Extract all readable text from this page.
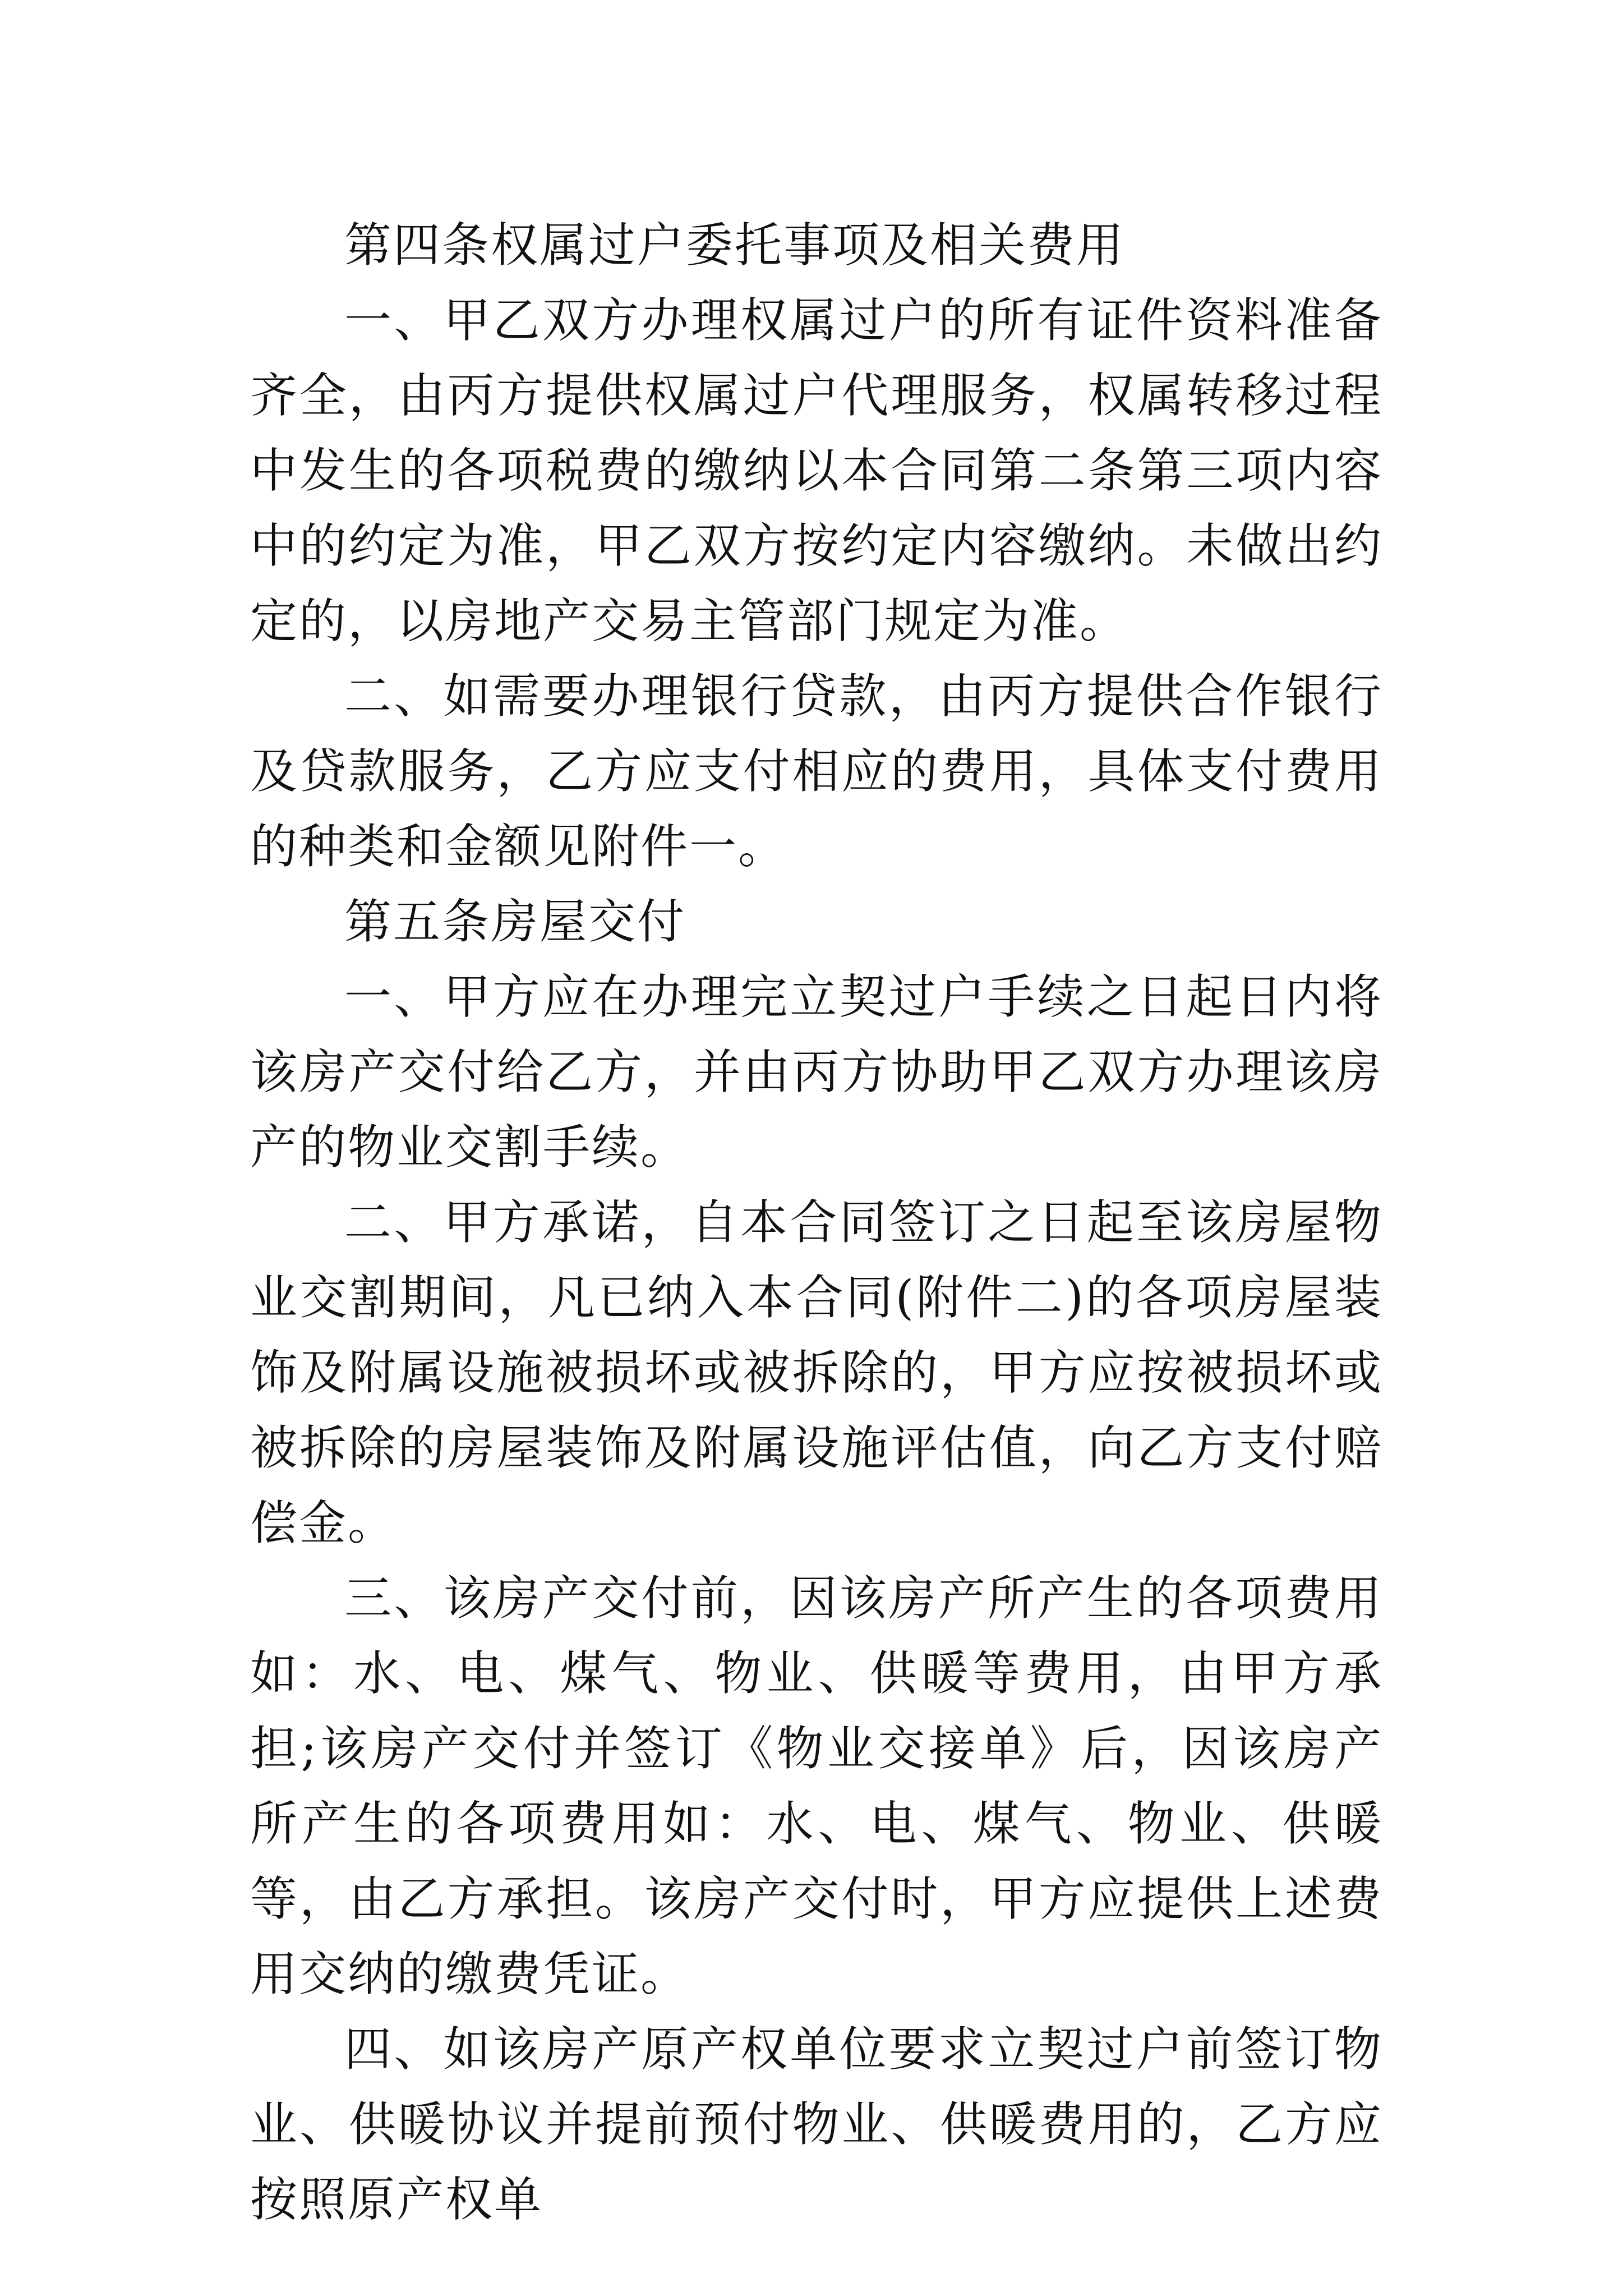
第四条权属过户委托事项及相关费用

一、甲乙双方办理权属过户的所有证件资料准备齐全，由丙方提供权属过户代理服务，权属转移过程中发生的各项税费的缴纳以本合同第二条第三项内容中的约定为准，甲乙双方按约定内容缴纳。未做出约定的，以房地产交易主管部门规定为准。

二、如需要办理银行贷款，由丙方提供合作银行及贷款服务，乙方应支付相应的费用，具体支付费用的种类和金额见附件一。

第五条房屋交付

一、甲方应在办理完立契过户手续之日起日内将该房产交付给乙方，并由丙方协助甲乙双方办理该房产的物业交割手续。

二、甲方承诺，自本合同签订之日起至该房屋物业交割期间，凡已纳入本合同(附件二)的各项房屋装饰及附属设施被损坏或被拆除的，甲方应按被损坏或被拆除的房屋装饰及附属设施评估值，向乙方支付赔偿金。

三、该房产交付前，因该房产所产生的各项费用如：水、电、煤气、物业、供暖等费用，由甲方承担;该房产交付并签订《物业交接单》后，因该房产所产生的各项费用如：水、电、煤气、物业、供暖等，由乙方承担。该房产交付时，甲方应提供上述费用交纳的缴费凭证。

四、如该房产原产权单位要求立契过户前签订物业、供暖协议并提前预付物业、供暖费用的，乙方应按照原产权单
